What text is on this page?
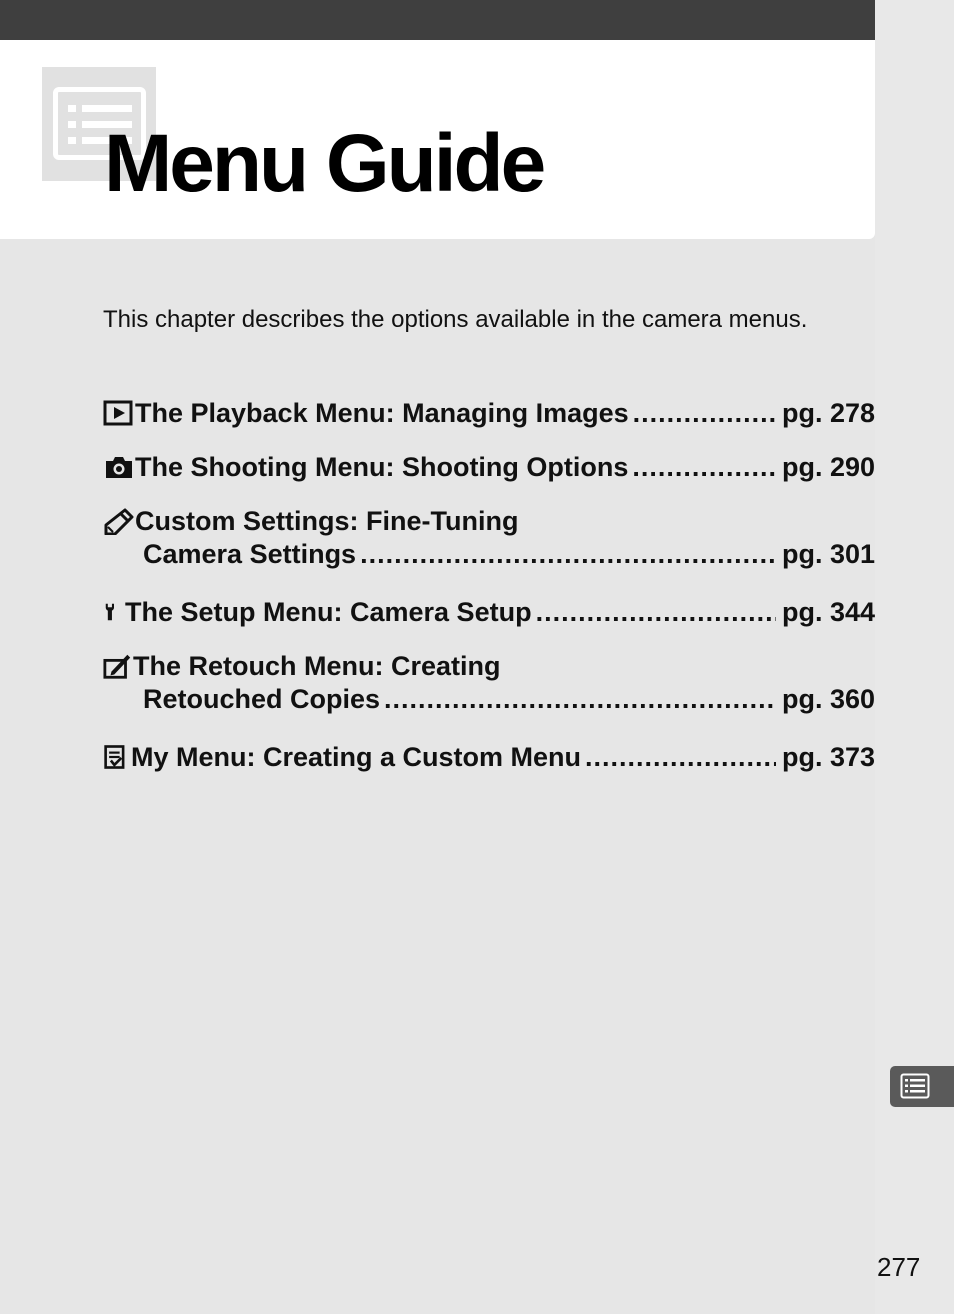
Menu Guide

This chapter describes the options available in the camera menus.

The Playback Menu: Managing Images .....	pg. 278
The Shooting Menu: Shooting Options .....	pg. 290
Custom Settings: Fine-Tuning
Camera Settings .....	pg. 301
The Setup Menu: Camera Setup .....	pg. 344
The Retouch Menu: Creating
Retouched Copies .....	pg. 360
My Menu: Creating a Custom Menu .....	pg. 373
277
